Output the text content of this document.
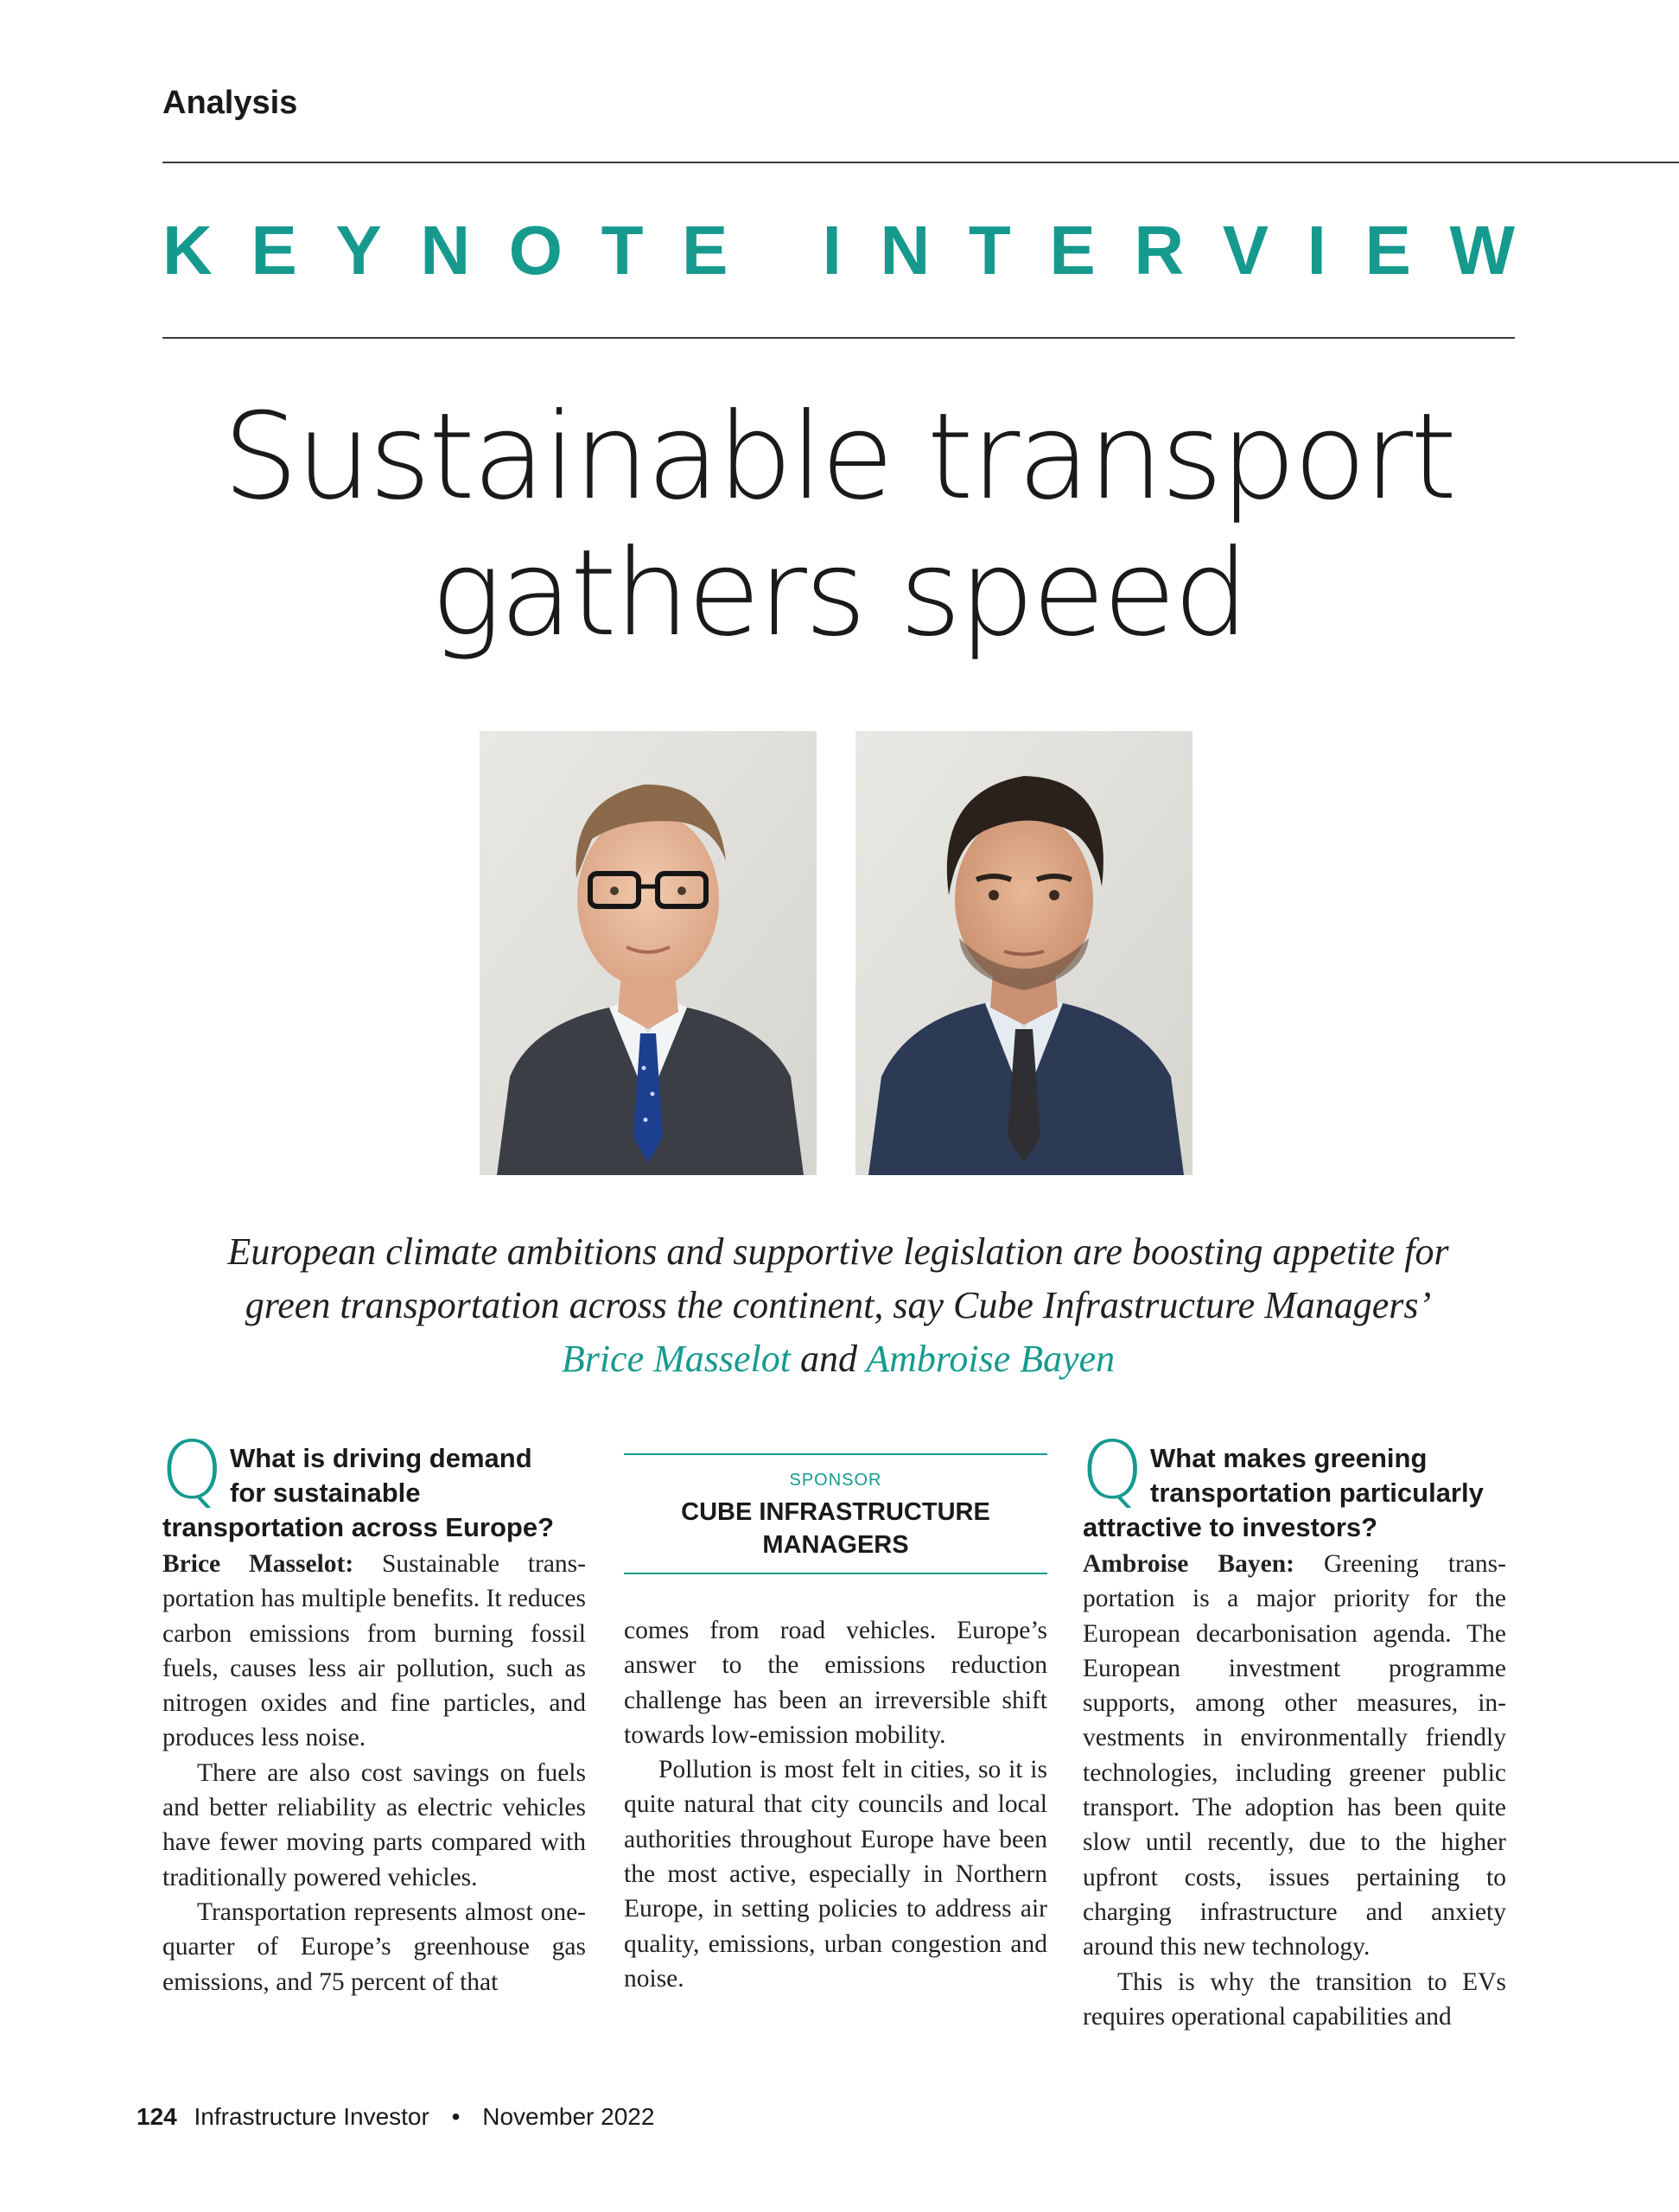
Analysis

K E Y N O T E I N T E R V I E W
Sustainable transport
gathers speed

European climate ambitions and supportive legislation are boosting appetite for green transportation across the continent, say Cube Infrastructure Managers’
Brice Masselot and Ambroise Bayen

Q What is driving demand
for sustainable
transportation across Europe?

Brice Masselot: Sustainable transportation has multiple benefits. It reduces carbon emissions from burning fossil fuels, causes less air pollution, such as nitrogen oxides and fine particles, and produces less noise.

There are also cost savings on fuels and better reliability as electric vehicles have fewer moving parts compared with traditionally powered vehicles.

Transportation represents almost one-quarter of Europe’s greenhouse gas emissions, and 75 percent of that

SPONSOR

CUBE INFRASTRUCTURE
MANAGERS

comes from road vehicles. Europe’s answer to the emissions reduction challenge has been an irreversible shift towards low-emission mobility.

Pollution is most felt in cities, so it is quite natural that city councils and local authorities throughout Europe have been the most active, especially in Northern Europe, in setting policies to address air quality, emissions, urban congestion and noise.

Q What makes greening
transportation particularly
attractive to investors?

Ambroise Bayen: Greening transportation is a major priority for the European decarbonisation agenda. The European investment programme supports, among other measures, investments in environmentally friendly technologies, including greener public transport. The adoption has been quite slow until recently, due to the higher upfront costs, issues pertaining to charging infrastructure and anxiety around this new technology.

This is why the transition to EVs requires operational capabilities and

124 Infrastructure Investor • November 2022
